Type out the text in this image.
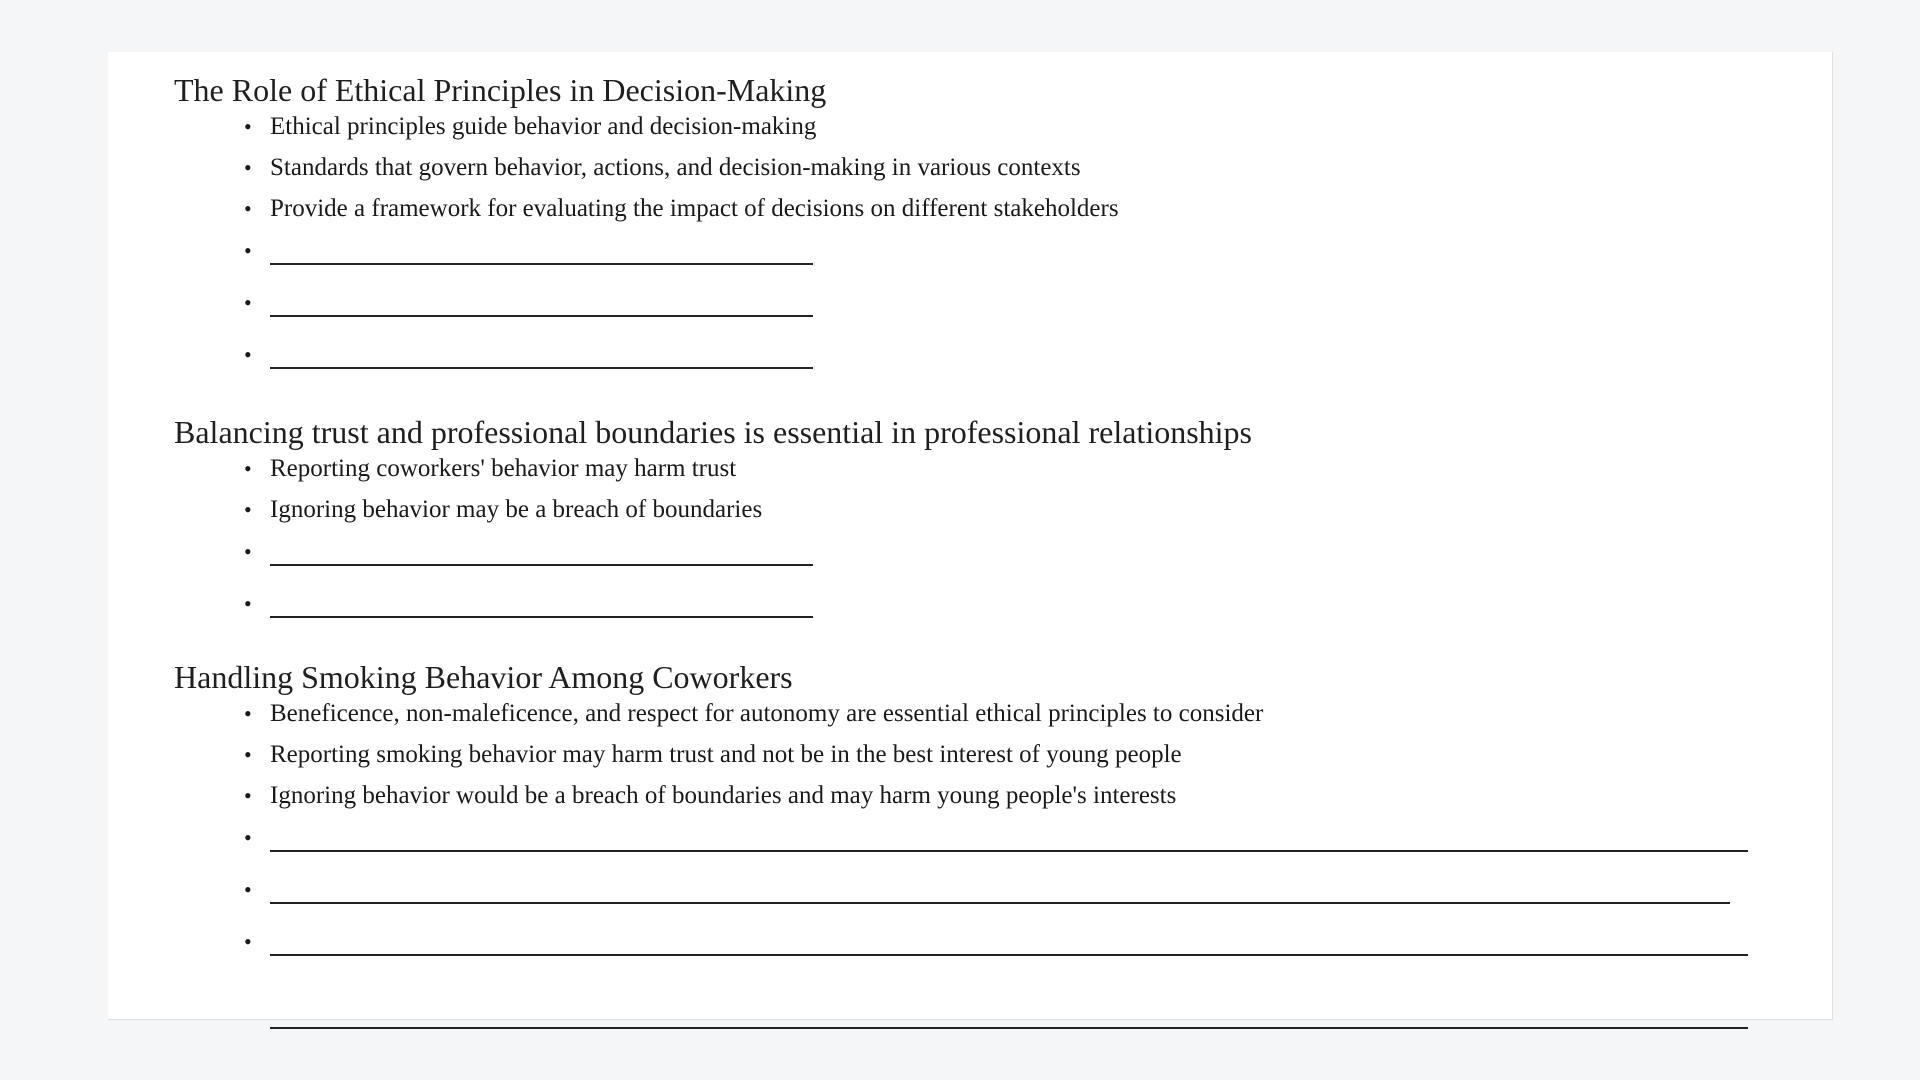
The Role of Ethical Principles in Decision-Making
• Ethical principles guide behavior and decision-making
• Standards that govern behavior, actions, and decision-making in various contexts
• Provide a framework for evaluating the impact of decisions on different stakeholders
•
•
•
Balancing trust and professional boundaries is essential in professional relationships
• Reporting coworkers' behavior may harm trust
• Ignoring behavior may be a breach of boundaries
•
•
Handling Smoking Behavior Among Coworkers
• Beneficence, non-maleficence, and respect for autonomy are essential ethical principles to consider
• Reporting smoking behavior may harm trust and not be in the best interest of young people
• Ignoring behavior would be a breach of boundaries and may harm young people's interests
•
•
•
